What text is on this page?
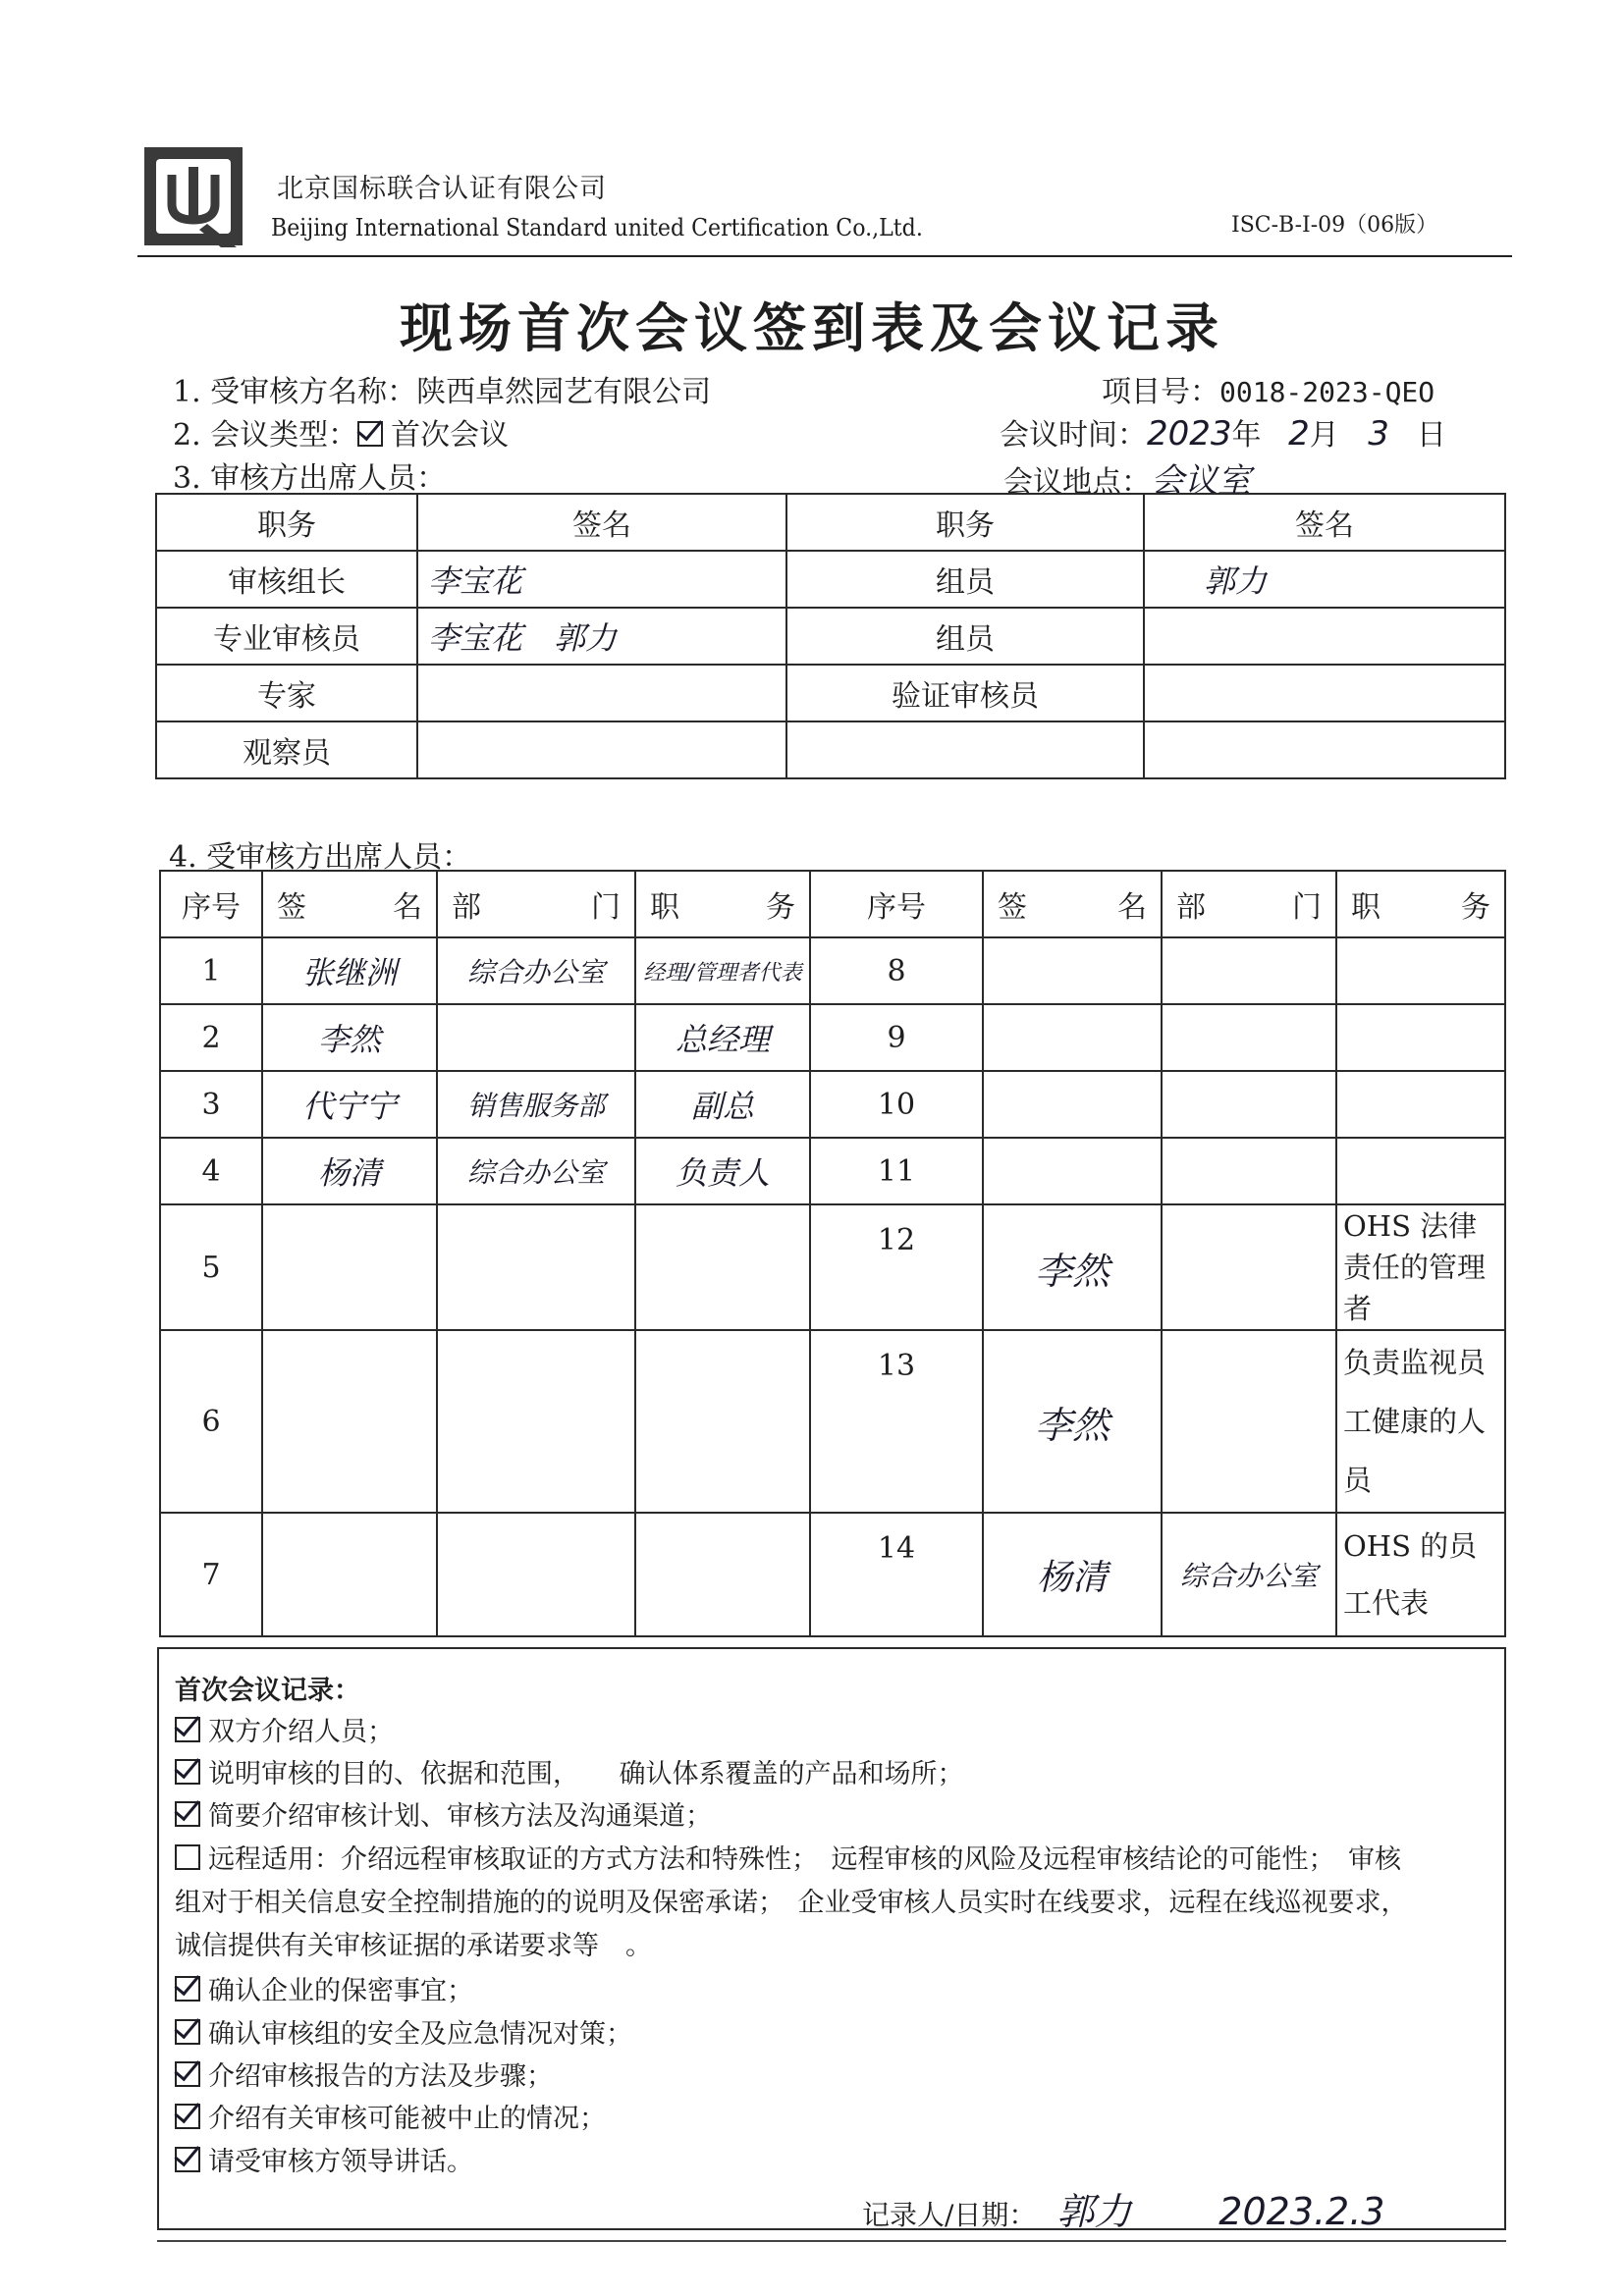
北京国标联合认证有限公司
Beijing International Standard united Certification Co.,Ltd.	ISC-B-I-09（06版）
现场首次会议签到表及会议记录
1. 受审核方名称：陕西卓然园艺有限公司	项目号：0018-2023-QEO
2. 会议类型： 首次会议	会议时间：2023年 2月 3 日
3. 审核方出席人员：	会议地点：会议室
职务	签名	职务	签名
审核组长	李宝花	组员	郭力
专业审核员	李宝花　郭力	组员	
专家		验证审核员	
观察员			
4. 受审核方出席人员：
序号	签 名	部 门	职 务	序号	签 名	部 门	职 务

1	张继洲	综合办公室	经理/管理者代表	8			
2	李然		总经理	9			
3	代宁宁	销售服务部	副总	10			
4	杨清	综合办公室	负责人	11			
5				12	李然		OHS 法律责任的管理者
6				13	李然		负责监视员工健康的人员
7				14	杨清	综合办公室	OHS 的员工代表
首次会议记录：
双方介绍人员；
说明审核的目的、依据和范围，　　确认体系覆盖的产品和场所；
简要介绍审核计划、审核方法及沟通渠道；
远程适用：介绍远程审核取证的方式方法和特殊性；　远程审核的风险及远程审核结论的可能性；　审核
组对于相关信息安全控制措施的的说明及保密承诺；　企业受审核人员实时在线要求，远程在线巡视要求，
诚信提供有关审核证据的承诺要求等　。
确认企业的保密事宜；
确认审核组的安全及应急情况对策；
介绍审核报告的方法及步骤；
介绍有关审核可能被中止的情况；
请受审核方领导讲话。
记录人/日期： 郭力 2023.2.3
